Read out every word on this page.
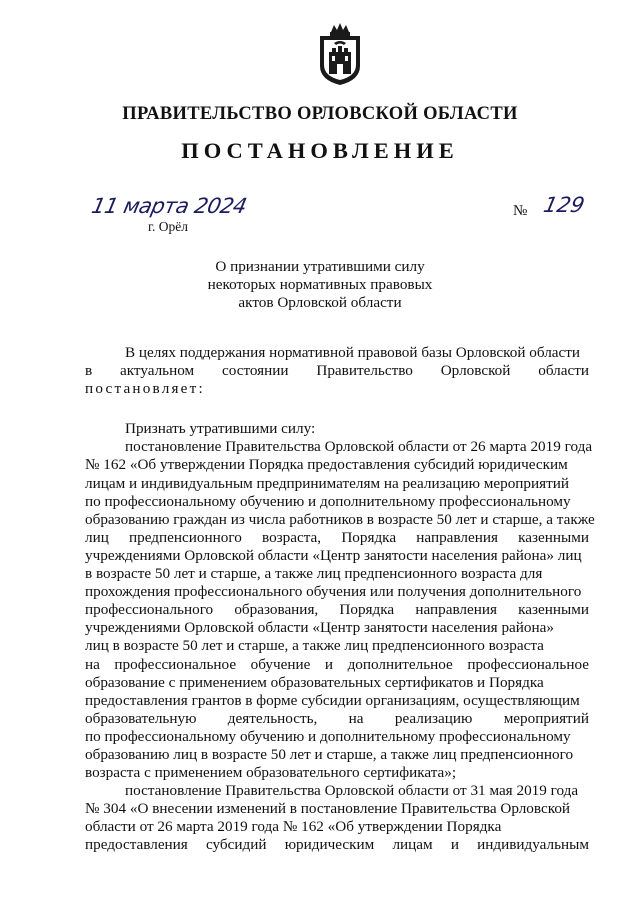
ПРАВИТЕЛЬСТВО ОРЛОВСКОЙ ОБЛАСТИ
ПОСТАНОВЛЕНИЕ
11 марта 2024
г. Орёл
№ 129
О признании утратившими силу
некоторых нормативных правовых
актов Орловской области
В целях поддержания нормативной правовой базы Орловской области
в актуальном состоянии Правительство Орловской области
постановляет:
Признать утратившими силу:
постановление Правительства Орловской области от 26 марта 2019 года
№ 162 «Об утверждении Порядка предоставления субсидий юридическим
лицам и индивидуальным предпринимателям на реализацию мероприятий
по профессиональному обучению и дополнительному профессиональному
образованию граждан из числа работников в возрасте 50 лет и старше, а также
лиц предпенсионного возраста, Порядка направления казенными
учреждениями Орловской области «Центр занятости населения района» лиц
в возрасте 50 лет и старше, а также лиц предпенсионного возраста для
прохождения профессионального обучения или получения дополнительного
профессионального образования, Порядка направления казенными
учреждениями Орловской области «Центр занятости населения района»
лиц в возрасте 50 лет и старше, а также лиц предпенсионного возраста
на профессиональное обучение и дополнительное профессиональное
образование с применением образовательных сертификатов и Порядка
предоставления грантов в форме субсидии организациям, осуществляющим
образовательную деятельность, на реализацию мероприятий
по профессиональному обучению и дополнительному профессиональному
образованию лиц в возрасте 50 лет и старше, а также лиц предпенсионного
возраста с применением образовательного сертификата»;
постановление Правительства Орловской области от 31 мая 2019 года
№ 304 «О внесении изменений в постановление Правительства Орловской
области от 26 марта 2019 года № 162 «Об утверждении Порядка
предоставления субсидий юридическим лицам и индивидуальным
